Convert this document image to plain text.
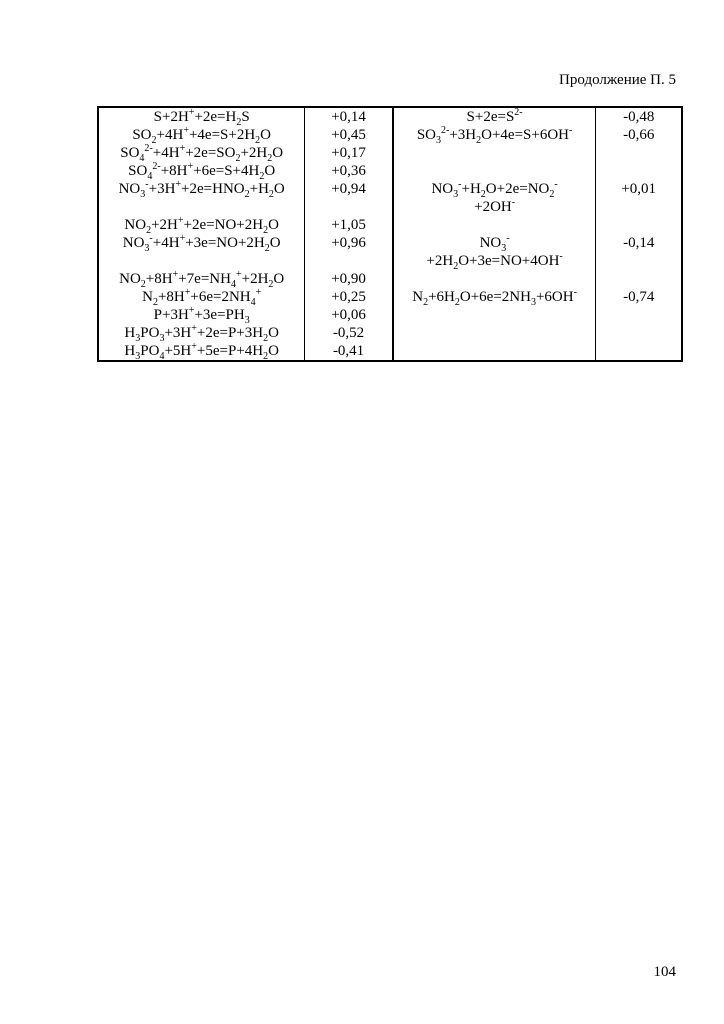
Продолжение П. 5
$S+2H^++2e=H_2S$	+0,14	$S+2e=S^{2-}$	-0,48
$SO_2+4H^++4e=S+2H_2O$	+0,45	$SO_3^{2-}+3H_2O+4e=S+6OH^-$	-0,66
$SO_4^{2-}+4H^++2e=SO_2+2H_2O$	+0,17		
$SO_4^{2-}+8H^++6e=S+4H_2O$	+0,36		
$NO_3^-+3H^++2e=HNO_2+H_2O$	+0,94	$NO_3^-+H_2O+2e=NO_2^-$	+0,01
		+2OH-	
$NO_2+2H^++2e=NO+2H_2O$	+1,05		
$NO_3^-+4H^++3e=NO+2H_2O$	+0,96	$NO_3^-$	-0,14
		$+2H_2O+3e=NO+4OH^-$	
$NO_2+8H^++7e=NH_4^++2H_2O$	+0,90		
$N_2+8H^++6e=2NH_4^+$	+0,25	$N_2+6H_2O+6e=2NH_3+6OH^-$	-0,74
$P+3H^++3e=PH_3$	+0,06		
$H_3PO_3+3H^++2e=P+3H_2O$	-0,52		
$H_3PO_4+5H^++5e=P+4H_2O$	-0,41		
104
